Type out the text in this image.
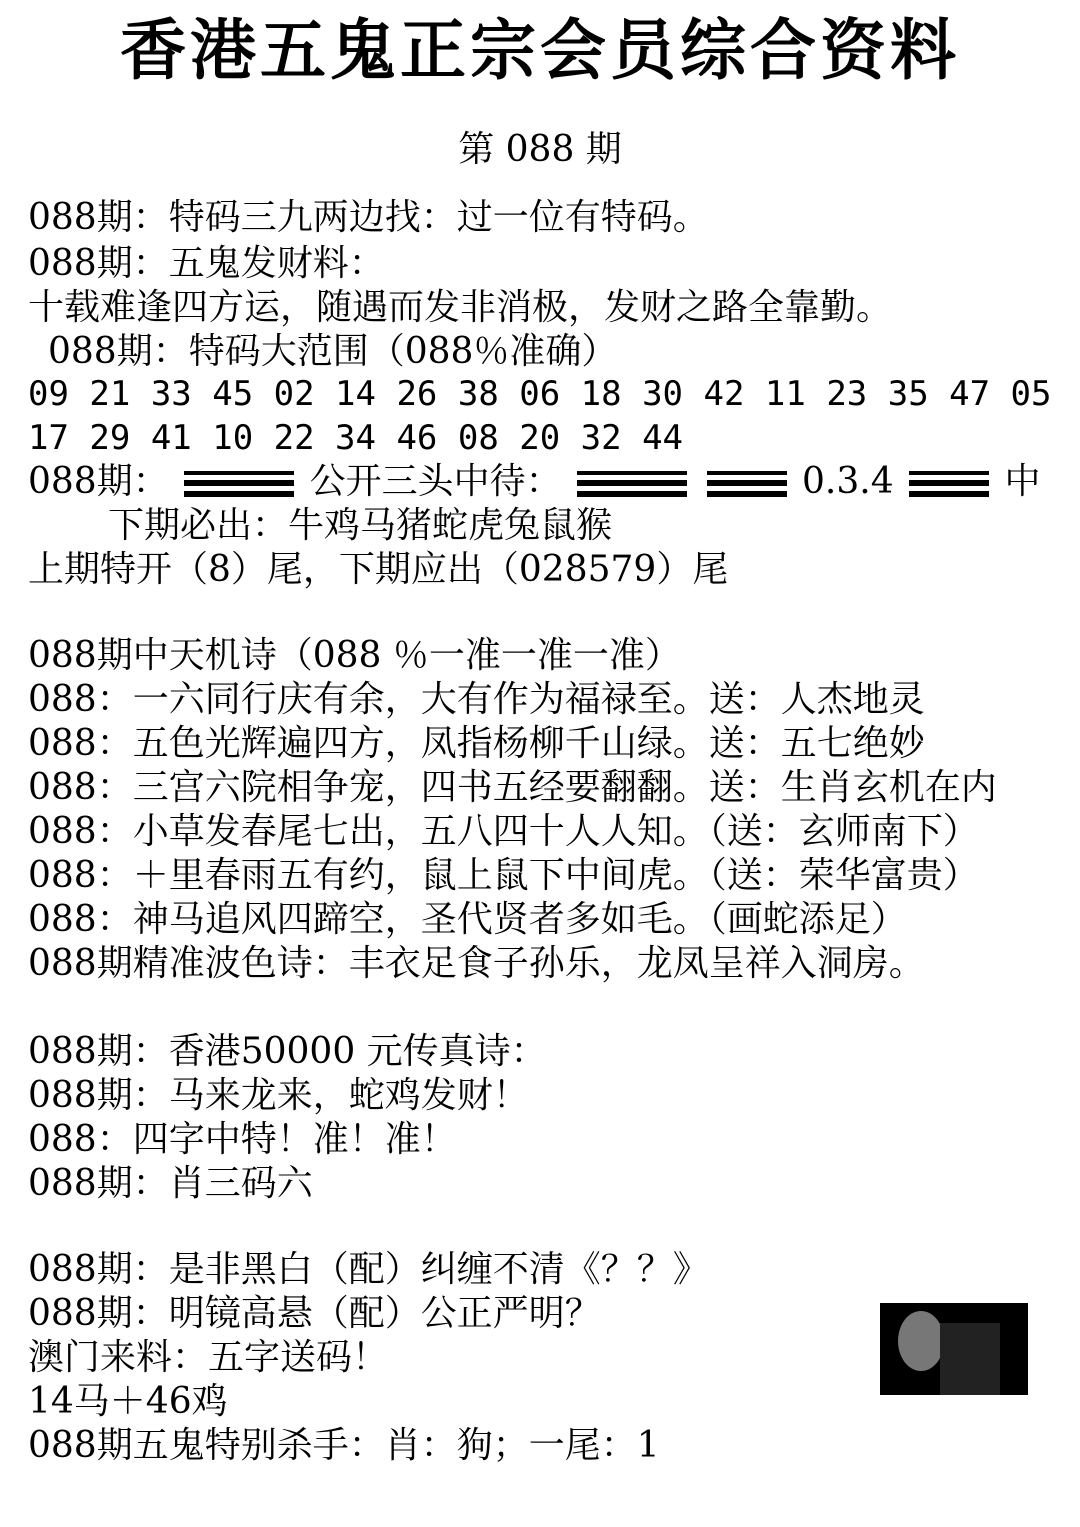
香港五鬼正宗会员综合资料
第 088 期
088期：特码三九两边找：过一位有特码。
088期：五鬼发财料：
十载难逢四方运，随遇而发非消极，发财之路全靠勤。
088期：特码大范围（088％准确）
09 21 33 45 02 14 26 38 06 18 30 42 11 23 35 47 05
17 29 41 10 22 34 46 08 20 32 44
088期：	公开三头中待：	0.3.4	中
下期必出：牛鸡马猪蛇虎兔鼠猴
上期特开（8）尾，下期应出（028579）尾
088期中天机诗（088 ％一准一准一准）
088：一六同行庆有余，大有作为福禄至。送：人杰地灵
088：五色光辉遍四方，凤指杨柳千山绿。送：五七绝妙
088：三宫六院相争宠，四书五经要翻翻。送：生肖玄机在内
088：小草发春尾七出，五八四十人人知。（送：玄师南下）
088：＋里春雨五有约，鼠上鼠下中间虎。（送：荣华富贵）
088：神马追风四蹄空，圣代贤者多如毛。（画蛇添足）
088期精准波色诗：丰衣足食子孙乐，龙凤呈祥入洞房。
088期：香港50000 元传真诗：
088期：马来龙来，蛇鸡发财！
088：四字中特！准！准！
088期：肖三码六
088期：是非黑白（配）纠缠不清《？？》
088期：明镜高悬（配）公正严明？
澳门来料：五字送码！
14马＋46鸡
088期五鬼特别杀手：肖：狗；一尾：1
